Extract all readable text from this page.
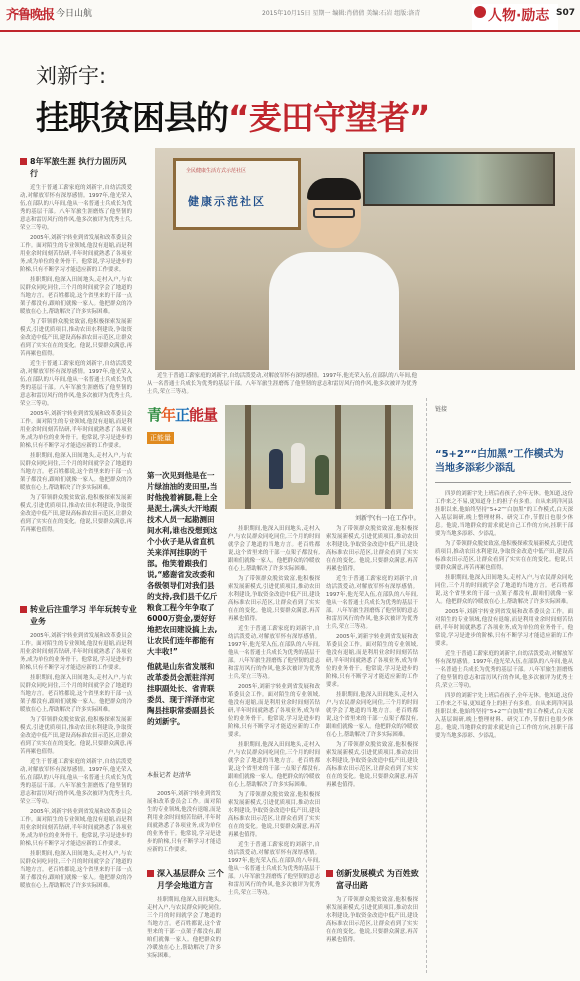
齐鲁晚报 今日山航	2015年10月15日 星期一 编辑:肖倩倩 美编:石岩 组版:洛青	人物·励志 S07
刘新宇:
挂职贫困县的“麦田守望者”
全民健康生活方式示范社区
健康示范社区
8年军旅生涯 执行力固历风行

近生于普通工薪家庭的刘新宇,自幼活泼爱动,对解放军怀有深厚感情。1997年,他光荣入伍,在部队的八年间,他从一名普通士兵成长为优秀的基层干部。八年军旅生涯磨炼了他坚韧的意志和雷厉风行的作风,他多次被评为优秀士兵,荣立三等功。

2005年,刘新宇转业到省发展和改革委员会工作。面对陌生的专业领域,他没有退缩,而是利用业余时间刻苦钻研,半年时间就熟悉了各项业务,成为单位的业务骨干。他常说,学习是进步的阶梯,只有不断学习才能适应新的工作要求。

挂职期间,他深入田间地头,走村入户,与农民群众同吃同住,三个月的时间就学会了地道的当地方言。老百姓都说,这个省里来的干部一点架子都没有,跟咱们就像一家人。他把群众的冷暖放在心上,帮助解决了许多实际困难。

为了带领群众脱贫致富,他积极探索发展新模式,引进优质项目,推动农田水利建设,争取资金改造中低产田,建设高标准农田示范区,让群众看到了实实在在的变化。他说,只要群众满意,再苦再累也值得。

近生于普通工薪家庭的刘新宇,自幼活泼爱动,对解放军怀有深厚感情。1997年,他光荣入伍,在部队的八年间,他从一名普通士兵成长为优秀的基层干部。八年军旅生涯磨炼了他坚韧的意志和雷厉风行的作风,他多次被评为优秀士兵,荣立三等功。

2005年,刘新宇转业到省发展和改革委员会工作。面对陌生的专业领域,他没有退缩,而是利用业余时间刻苦钻研,半年时间就熟悉了各项业务,成为单位的业务骨干。他常说,学习是进步的阶梯,只有不断学习才能适应新的工作要求。

挂职期间,他深入田间地头,走村入户,与农民群众同吃同住,三个月的时间就学会了地道的当地方言。老百姓都说,这个省里来的干部一点架子都没有,跟咱们就像一家人。他把群众的冷暖放在心上,帮助解决了许多实际困难。

为了带领群众脱贫致富,他积极探索发展新模式,引进优质项目,推动农田水利建设,争取资金改造中低产田,建设高标准农田示范区,让群众看到了实实在在的变化。他说,只要群众满意,再苦再累也值得。

转业后注重学习 半年玩转专业业务

2005年,刘新宇转业到省发展和改革委员会工作。面对陌生的专业领域,他没有退缩,而是利用业余时间刻苦钻研,半年时间就熟悉了各项业务,成为单位的业务骨干。他常说,学习是进步的阶梯,只有不断学习才能适应新的工作要求。

挂职期间,他深入田间地头,走村入户,与农民群众同吃同住,三个月的时间就学会了地道的当地方言。老百姓都说,这个省里来的干部一点架子都没有,跟咱们就像一家人。他把群众的冷暖放在心上,帮助解决了许多实际困难。

为了带领群众脱贫致富,他积极探索发展新模式,引进优质项目,推动农田水利建设,争取资金改造中低产田,建设高标准农田示范区,让群众看到了实实在在的变化。他说,只要群众满意,再苦再累也值得。

近生于普通工薪家庭的刘新宇,自幼活泼爱动,对解放军怀有深厚感情。1997年,他光荣入伍,在部队的八年间,他从一名普通士兵成长为优秀的基层干部。八年军旅生涯磨炼了他坚韧的意志和雷厉风行的作风,他多次被评为优秀士兵,荣立三等功。

2005年,刘新宇转业到省发展和改革委员会工作。面对陌生的专业领域,他没有退缩,而是利用业余时间刻苦钻研,半年时间就熟悉了各项业务,成为单位的业务骨干。他常说,学习是进步的阶梯,只有不断学习才能适应新的工作要求。

挂职期间,他深入田间地头,走村入户,与农民群众同吃同住,三个月的时间就学会了地道的当地方言。老百姓都说,这个省里来的干部一点架子都没有,跟咱们就像一家人。他把群众的冷暖放在心上,帮助解决了许多实际困难。

青年正能量
正能量
第一次见到他是在一片绿油油的麦田里,当时他挽着裤腿,鞋上全是泥土,满头大汗地跟技术人员一起勘测田间水利,谁也没想到这个小伙子是从省直机关来洋河挂职的干部。他笑着跟我们说,“感谢省发改委和各级领导们对我们县的支持,我们县千亿斤粮食工程今年争取了6000万资金,要好好地把农田建设搞上去,让农民们连年都能有大丰收!”
他就是山东省发展和改革委员会派驻洋河挂职副处长、省青联委员、现于洋泽市定陶县挂职常委副县长的刘新宇。
本报记者 赵清华

近生于普通工薪家庭的刘新宇,自幼活泼爱动,对解放军怀有深厚感情。1997年,他光荣入伍,在部队的八年间,他从一名普通士兵成长为优秀的基层干部。八年军旅生涯磨炼了他坚韧的意志和雷厉风行的作风,他多次被评为优秀士兵,荣立三等功。

刘新宇(右一)在工作中。

挂职期间,他深入田间地头,走村入户,与农民群众同吃同住,三个月的时间就学会了地道的当地方言。老百姓都说,这个省里来的干部一点架子都没有,跟咱们就像一家人。他把群众的冷暖放在心上,帮助解决了许多实际困难。

为了带领群众脱贫致富,他积极探索发展新模式,引进优质项目,推动农田水利建设,争取资金改造中低产田,建设高标准农田示范区,让群众看到了实实在在的变化。他说,只要群众满意,再苦再累也值得。

近生于普通工薪家庭的刘新宇,自幼活泼爱动,对解放军怀有深厚感情。1997年,他光荣入伍,在部队的八年间,他从一名普通士兵成长为优秀的基层干部。八年军旅生涯磨炼了他坚韧的意志和雷厉风行的作风,他多次被评为优秀士兵,荣立三等功。

2005年,刘新宇转业到省发展和改革委员会工作。面对陌生的专业领域,他没有退缩,而是利用业余时间刻苦钻研,半年时间就熟悉了各项业务,成为单位的业务骨干。他常说,学习是进步的阶梯,只有不断学习才能适应新的工作要求。

挂职期间,他深入田间地头,走村入户,与农民群众同吃同住,三个月的时间就学会了地道的当地方言。老百姓都说,这个省里来的干部一点架子都没有,跟咱们就像一家人。他把群众的冷暖放在心上,帮助解决了许多实际困难。

为了带领群众脱贫致富,他积极探索发展新模式,引进优质项目,推动农田水利建设,争取资金改造中低产田,建设高标准农田示范区,让群众看到了实实在在的变化。他说,只要群众满意,再苦再累也值得。

近生于普通工薪家庭的刘新宇,自幼活泼爱动,对解放军怀有深厚感情。1997年,他光荣入伍,在部队的八年间,他从一名普通士兵成长为优秀的基层干部。八年军旅生涯磨炼了他坚韧的意志和雷厉风行的作风,他多次被评为优秀士兵,荣立三等功。

2005年,刘新宇转业到省发展和改革委员会工作。面对陌生的专业领域,他没有退缩,而是利用业余时间刻苦钻研,半年时间就熟悉了各项业务,成为单位的业务骨干。他常说,学习是进步的阶梯,只有不断学习才能适应新的工作要求。

深入基层群众 三个月学会地道方言

挂职期间,他深入田间地头,走村入户,与农民群众同吃同住,三个月的时间就学会了地道的当地方言。老百姓都说,这个省里来的干部一点架子都没有,跟咱们就像一家人。他把群众的冷暖放在心上,帮助解决了许多实际困难。

为了带领群众脱贫致富,他积极探索发展新模式,引进优质项目,推动农田水利建设,争取资金改造中低产田,建设高标准农田示范区,让群众看到了实实在在的变化。他说,只要群众满意,再苦再累也值得。

近生于普通工薪家庭的刘新宇,自幼活泼爱动,对解放军怀有深厚感情。1997年,他光荣入伍,在部队的八年间,他从一名普通士兵成长为优秀的基层干部。八年军旅生涯磨炼了他坚韧的意志和雷厉风行的作风,他多次被评为优秀士兵,荣立三等功。

2005年,刘新宇转业到省发展和改革委员会工作。面对陌生的专业领域,他没有退缩,而是利用业余时间刻苦钻研,半年时间就熟悉了各项业务,成为单位的业务骨干。他常说,学习是进步的阶梯,只有不断学习才能适应新的工作要求。

挂职期间,他深入田间地头,走村入户,与农民群众同吃同住,三个月的时间就学会了地道的当地方言。老百姓都说,这个省里来的干部一点架子都没有,跟咱们就像一家人。他把群众的冷暖放在心上,帮助解决了许多实际困难。

为了带领群众脱贫致富,他积极探索发展新模式,引进优质项目,推动农田水利建设,争取资金改造中低产田,建设高标准农田示范区,让群众看到了实实在在的变化。他说,只要群众满意,再苦再累也值得。

创新发展模式 为百姓致富寻出路

为了带领群众脱贫致富,他积极探索发展新模式,引进优质项目,推动农田水利建设,争取资金改造中低产田,建设高标准农田示范区,让群众看到了实实在在的变化。他说,只要群众满意,再苦再累也值得。

链接
“5+2”“白加黑”工作模式为当地多添彩少添乱

四岁的刘新宇先上班后看孩子,全年无休。他知道,这份工作来之不易,更知道身上的担子有多重。自从来到洋河县挂职以来,他始终坚持“5+2”“白加黑”的工作模式,白天深入基层调研,晚上整理材料、研究工作,节假日也很少休息。他说,当地群众的需求就是自己工作的方向,挂职干部要为当地多添彩、少添乱。

为了带领群众脱贫致富,他积极探索发展新模式,引进优质项目,推动农田水利建设,争取资金改造中低产田,建设高标准农田示范区,让群众看到了实实在在的变化。他说,只要群众满意,再苦再累也值得。

挂职期间,他深入田间地头,走村入户,与农民群众同吃同住,三个月的时间就学会了地道的当地方言。老百姓都说,这个省里来的干部一点架子都没有,跟咱们就像一家人。他把群众的冷暖放在心上,帮助解决了许多实际困难。

2005年,刘新宇转业到省发展和改革委员会工作。面对陌生的专业领域,他没有退缩,而是利用业余时间刻苦钻研,半年时间就熟悉了各项业务,成为单位的业务骨干。他常说,学习是进步的阶梯,只有不断学习才能适应新的工作要求。

近生于普通工薪家庭的刘新宇,自幼活泼爱动,对解放军怀有深厚感情。1997年,他光荣入伍,在部队的八年间,他从一名普通士兵成长为优秀的基层干部。八年军旅生涯磨炼了他坚韧的意志和雷厉风行的作风,他多次被评为优秀士兵,荣立三等功。

四岁的刘新宇先上班后看孩子,全年无休。他知道,这份工作来之不易,更知道身上的担子有多重。自从来到洋河县挂职以来,他始终坚持“5+2”“白加黑”的工作模式,白天深入基层调研,晚上整理材料、研究工作,节假日也很少休息。他说,当地群众的需求就是自己工作的方向,挂职干部要为当地多添彩、少添乱。
